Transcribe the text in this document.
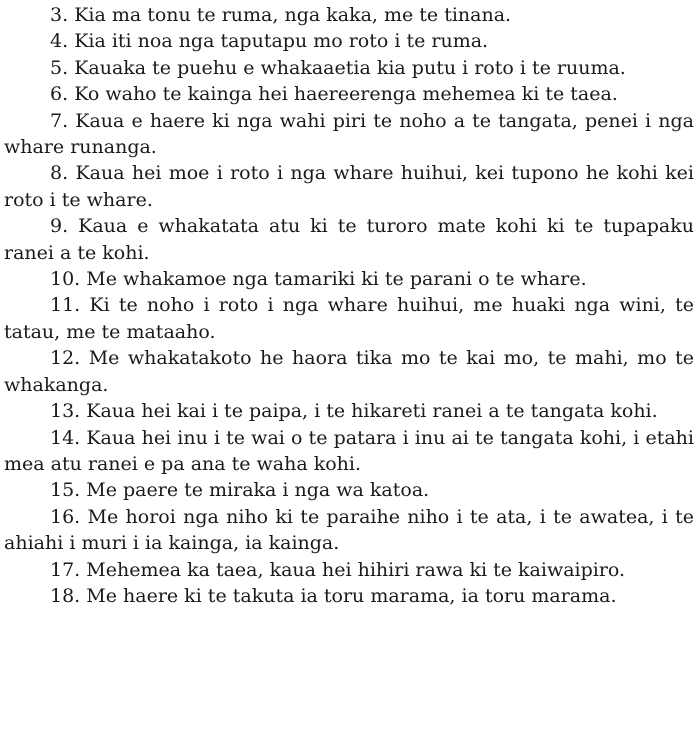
3. Kia ma tonu te ruma, nga kaka, me te tinana.

4. Kia iti noa nga taputapu mo roto i te ruma.

5. Kauaka te puehu e whakaaetia kia putu i roto i te ruuma.

6. Ko waho te kainga hei haereerenga mehemea ki te taea.

7. Kaua e haere ki nga wahi piri te noho a te tangata, penei i nga whare runanga.

8. Kaua hei moe i roto i nga whare huihui, kei tupono he kohi kei roto i te whare.

9. Kaua e whakatata atu ki te turoro mate kohi ki te tupapaku ranei a te kohi.

10. Me whakamoe nga tamariki ki te parani o te whare.

11. Ki te noho i roto i nga whare huihui, me huaki nga wini, te tatau, me te mataaho.

12. Me whakatakoto he haora tika mo te kai mo, te mahi, mo te whakanga.

13. Kaua hei kai i te paipa, i te hikareti ranei a te tangata kohi.

14. Kaua hei inu i te wai o te patara i inu ai te tangata kohi, i etahi mea atu ranei e pa ana te waha kohi.

15. Me paere te miraka i nga wa katoa.

16. Me horoi nga niho ki te paraihe niho i te ata, i te awatea, i te ahiahi i muri i ia kainga, ia kainga.

17. Mehemea ka taea, kaua hei hihiri rawa ki te kaiwaipiro.

18. Me haere ki te takuta ia toru marama, ia toru marama.
